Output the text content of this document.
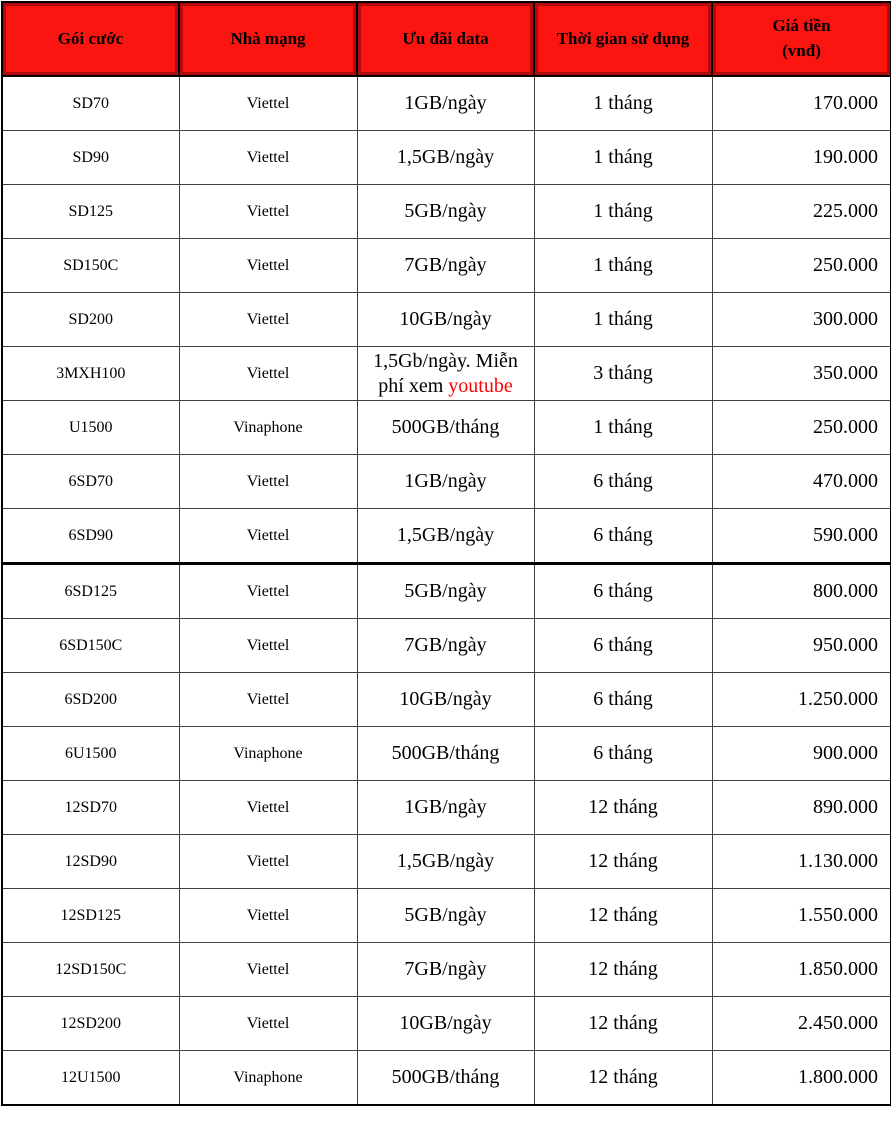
Gói cước	Nhà mạng	Ưu đãi data	Thời gian sử dụng	Giá tiền
(vnđ)
SD70	Viettel	1GB/ngày	1 tháng	170.000
SD90	Viettel	1,5GB/ngày	1 tháng	190.000
SD125	Viettel	5GB/ngày	1 tháng	225.000
SD150C	Viettel	7GB/ngày	1 tháng	250.000
SD200	Viettel	10GB/ngày	1 tháng	300.000
3MXH100	Viettel	1,5Gb/ngày. Miễn phí xem youtube	3 tháng	350.000
U1500	Vinaphone	500GB/tháng	1 tháng	250.000
6SD70	Viettel	1GB/ngày	6 tháng	470.000
6SD90	Viettel	1,5GB/ngày	6 tháng	590.000
6SD125	Viettel	5GB/ngày	6 tháng	800.000
6SD150C	Viettel	7GB/ngày	6 tháng	950.000
6SD200	Viettel	10GB/ngày	6 tháng	1.250.000
6U1500	Vinaphone	500GB/tháng	6 tháng	900.000
12SD70	Viettel	1GB/ngày	12 tháng	890.000
12SD90	Viettel	1,5GB/ngày	12 tháng	1.130.000
12SD125	Viettel	5GB/ngày	12 tháng	1.550.000
12SD150C	Viettel	7GB/ngày	12 tháng	1.850.000
12SD200	Viettel	10GB/ngày	12 tháng	2.450.000
12U1500	Vinaphone	500GB/tháng	12 tháng	1.800.000
